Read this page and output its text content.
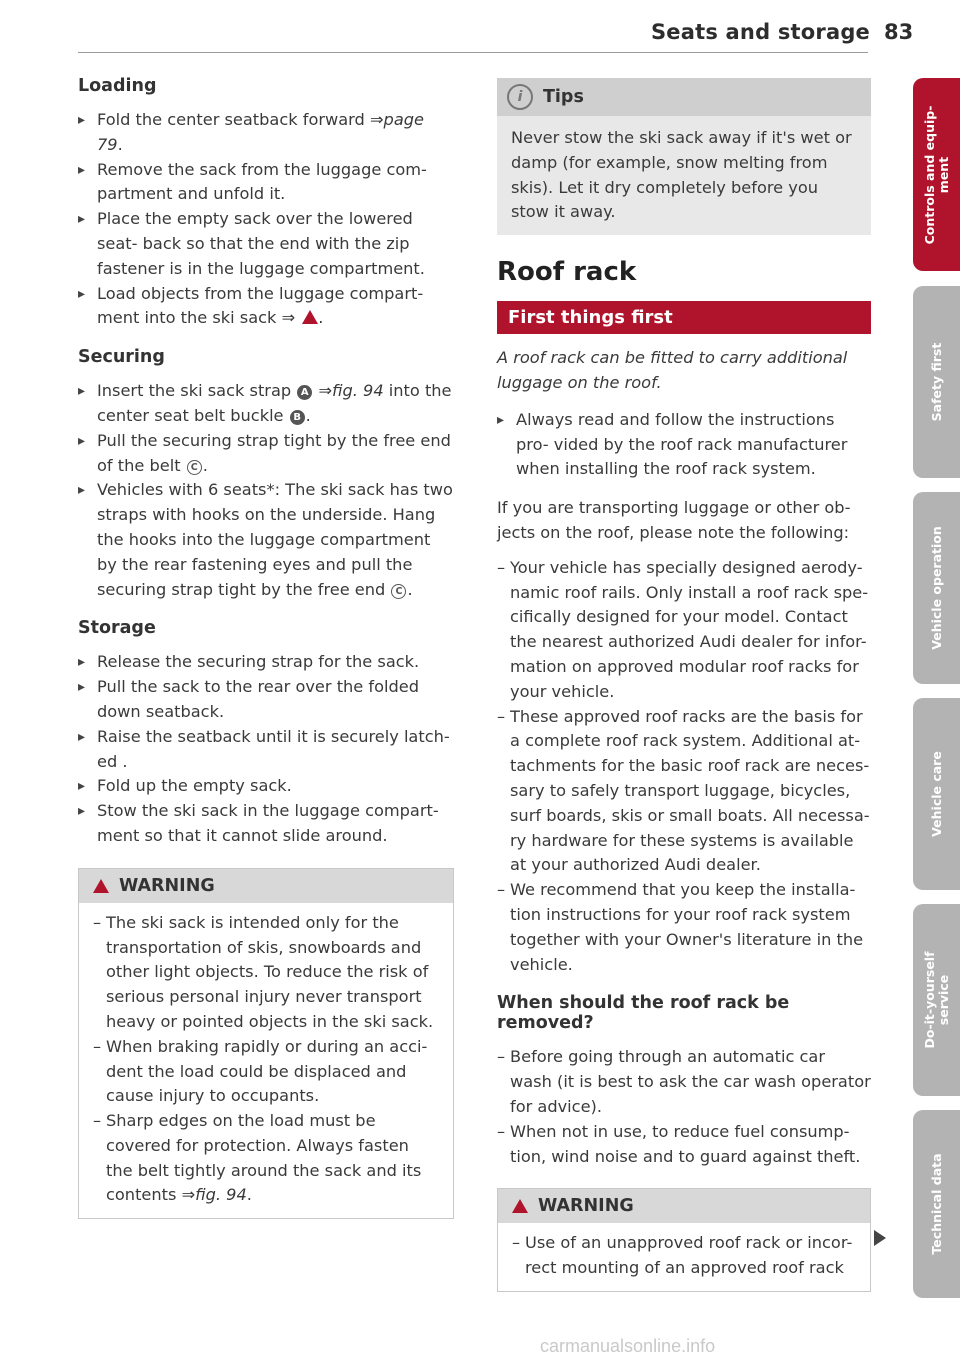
Seats and storage 83
Loading
▸ Fold the center seatback forward ⇒page 79.
▸ Remove the sack from the luggage com- partment and unfold it.
▸ Place the empty sack over the lowered seat- back so that the end with the zip fastener is in the luggage compartment.
▸ Load objects from the luggage compart- ment into the ski sack ⇒ .
Securing
▸ Insert the ski sack strap A ⇒fig. 94 into the center seat belt buckle B .
▸ Pull the securing strap tight by the free end of the belt C .
▸ Vehicles with 6 seats*: The ski sack has two straps with hooks on the underside. Hang the hooks into the luggage compartment by the rear fastening eyes and pull the securing strap tight by the free end C .
Storage
▸ Release the securing strap for the sack.
▸ Pull the sack to the rear over the folded down seatback.
▸ Raise the seatback until it is securely latch- ed .
▸ Fold up the empty sack.
▸ Stow the ski sack in the luggage compart- ment so that it cannot slide around.
WARNING
– The ski sack is intended only for the transportation of skis, snowboards and other light objects. To reduce the risk of serious personal injury never transport heavy or pointed objects in the ski sack.
– When braking rapidly or during an acci- dent the load could be displaced and cause injury to occupants.
– Sharp edges on the load must be covered for protection. Always fasten the belt tightly around the sack and its contents ⇒fig. 94.
i	Tips
Never stow the ski sack away if it's wet or damp (for example, snow melting from skis). Let it dry completely before you stow it away.
Roof rack
First things first
A roof rack can be fitted to carry additional luggage on the roof.
▸ Always read and follow the instructions pro- vided by the roof rack manufacturer when installing the roof rack system.

If you are transporting luggage or other ob- jects on the roof, please note the following:

– Your vehicle has specially designed aerody- namic roof rails. Only install a roof rack spe- cifically designed for your model. Contact the nearest authorized Audi dealer for infor- mation on approved modular roof racks for your vehicle.
– These approved roof racks are the basis for a complete roof rack system. Additional at- tachments for the basic roof rack are neces- sary to safely transport luggage, bicycles, surf boards, skis or small boats. All necessa- ry hardware for these systems is available at your authorized Audi dealer.
– We recommend that you keep the installa- tion instructions for your roof rack system together with your Owner's literature in the vehicle.
When should the roof rack be removed?
– Before going through an automatic car wash (it is best to ask the car wash operator for advice).
– When not in use, to reduce fuel consump- tion, wind noise and to guard against theft.
WARNING
– Use of an unapproved roof rack or incor- rect mounting of an approved roof rack
Controls and equip-
ment
Safety first
Vehicle operation
Vehicle care
Do-it-yourself
service
Technical data
carmanualsonline.info
